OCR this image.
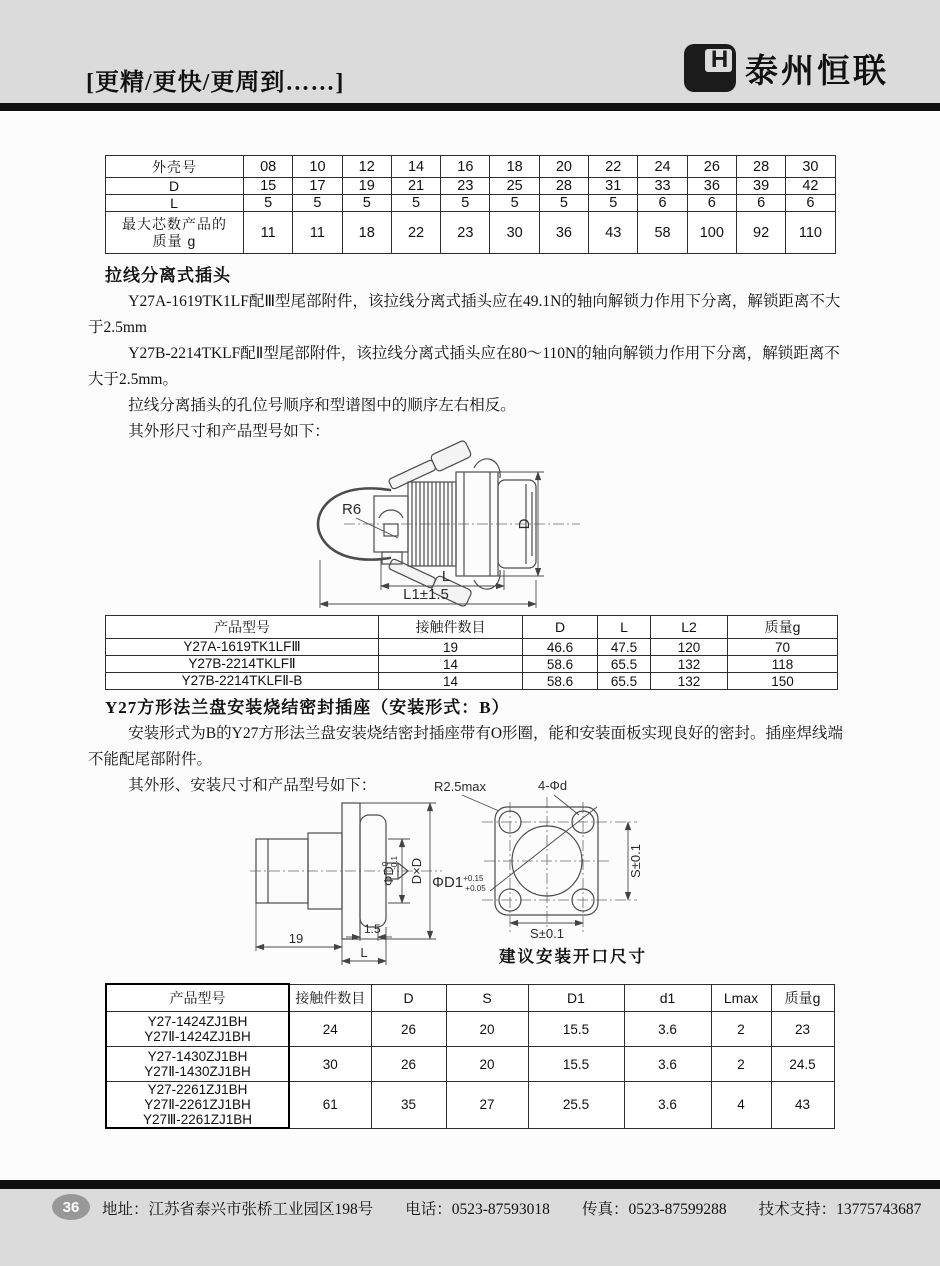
[更精/更快/更周到……]
H 泰州恒联
外壳号	08	10	12	14	16	18	20	22	24	26	28	30
D	15	17	19	21	23	25	28	31	33	36	39	42
L	5	5	5	5	5	5	5	5	6	6	6	6

最大芯数产品的
质量 g	11	11	18	22	23	30	36	43	58	100	92	110
拉线分离式插头

Y27A-1619TK1LF配Ⅲ型尾部附件，该拉线分离式插头应在49.1N的轴向解锁力作用下分离，解锁距离不大于2.5mm

Y27B-2214TKLF配Ⅱ型尾部附件，该拉线分离式插头应在80～110N的轴向解锁力作用下分离，解锁距离不大于2.5mm。

拉线分离插头的孔位号顺序和型谱图中的顺序左右相反。

其外形尺寸和产品型号如下：

R6
D
L
L1±1.5
产品型号	接触件数目	D	L	L2	质量g
Y27A-1619TK1LFⅢ	19	46.6	47.5	120	70
Y27B-2214TKLFⅡ	14	58.6	65.5	132	118
Y27B-2214TKLFⅡ-B	14	58.6	65.5	132	150
Y27方形法兰盘安装烧结密封插座（安装形式：B）

安装形式为B的Y27方形法兰盘安装烧结密封插座带有O形圈，能和安装面板实现良好的密封。插座焊线端不能配尾部附件。

其外形、安装尺寸和产品型号如下：

$\Phi D^0-0.1$ D×D
1.5
19
L
R2.5max	4-Φd
$\Phi D1^{+0.15} +0.05$
S±0.1
S±0.1
建议安装开口尺寸
产品型号	接触件数目	D	S	D1	d1	Lmax	质量g

Y27-1424ZJ1BH
Y27Ⅱ-1424ZJ1BH	24	26	20	15.5	3.6	2	23

Y27-1430ZJ1BH
Y27Ⅱ-1430ZJ1BH	30	26	20	15.5	3.6	2	24.5

Y27-2261ZJ1BH
Y27Ⅱ-2261ZJ1BH
Y27Ⅲ-2261ZJ1BH	61	35	27	25.5	3.6	4	43
36	地址：江苏省泰兴市张桥工业园区198号 电话：0523-87593018 传真：0523-87599288 技术支持：13775743687
